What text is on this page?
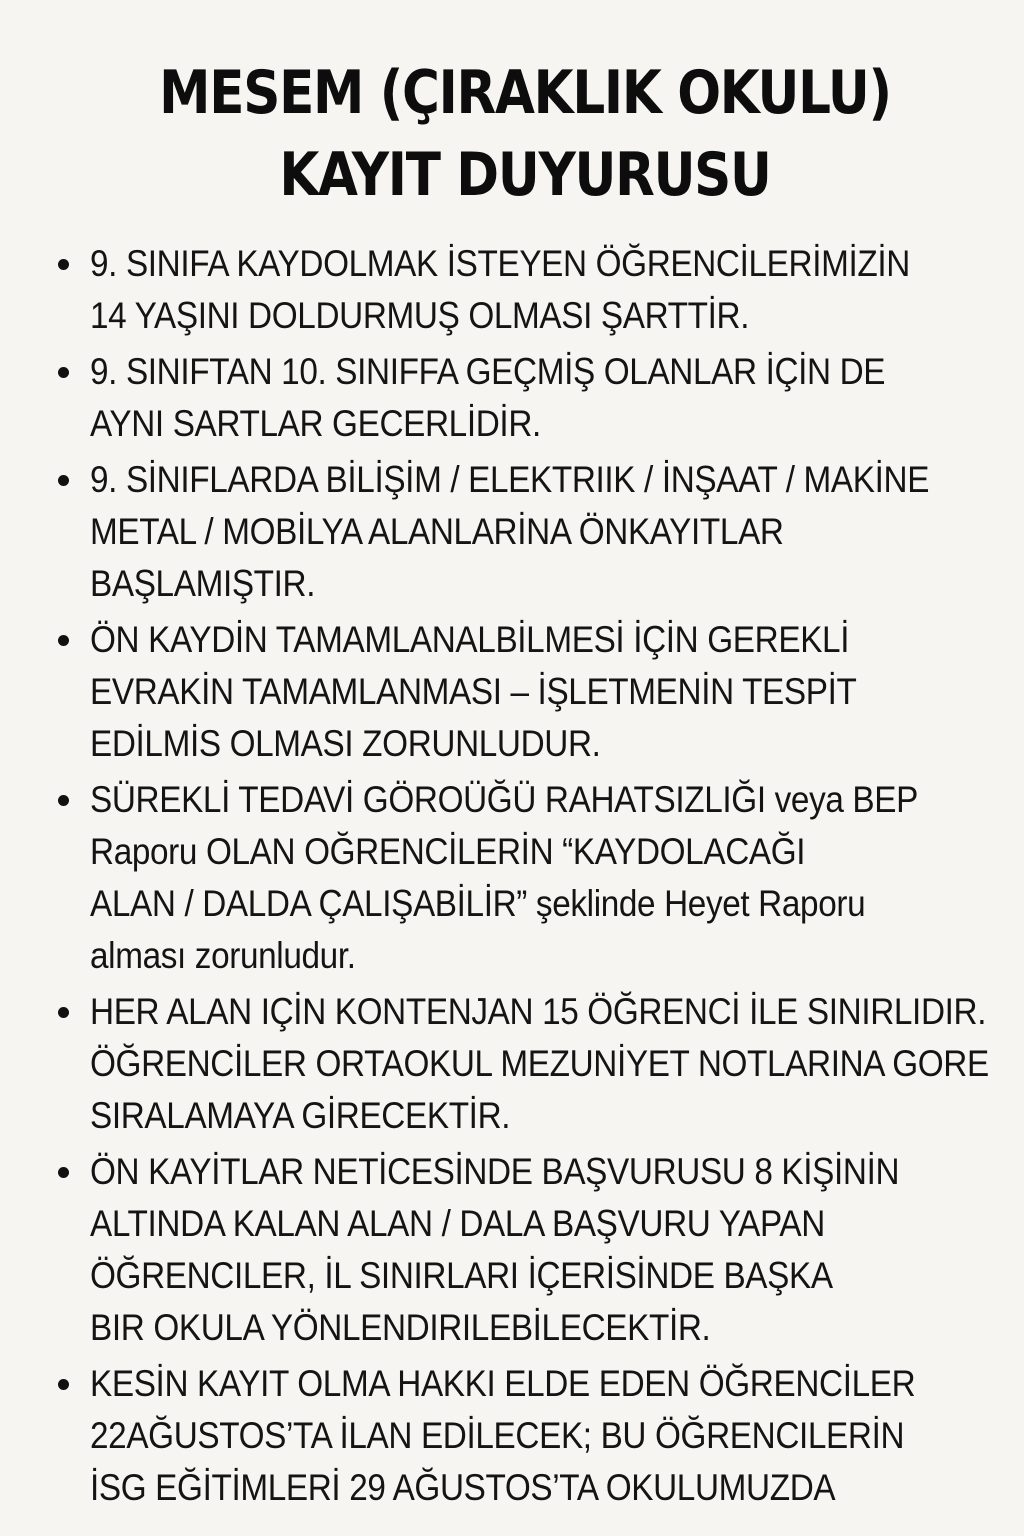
MESEM (ÇIRAKLIK OKULU)
KAYIT DUYURUSU
9. SINIFA KAYDOLMAK İSTEYEN ÖĞRENCİLERİMİZİN
14 YAŞINI DOLDURMUŞ OLMASI ŞARTTİR.
9. SINIFTAN 10. SINIFFA GEÇMİŞ OLANLAR İÇİN DE
AYNI SARTLAR GECERLİDİR.
9. SİNIFLARDA BİLİŞİM / ELEKTRIIK / İNŞAAT / MAKİNE
METAL / MOBİLYA ALANLARİNA ÖNKAYITLAR
BAŞLAMIŞTIR.
ÖN KAYDİN TAMAMLANALBİLMESİ İÇİN GEREKLİ
EVRAKİN TAMAMLANMASI – İŞLETMENİN TESPİT
EDİLMİS OLMASI ZORUNLUDUR.
SÜREKLİ TEDAVİ GÖROÜĞÜ RAHATSIZLIĞI veya BEP
Raporu OLAN OĞRENCİLERİN “KAYDOLACAĞI
ALAN / DALDA ÇALIŞABİLİR” şeklinde Heyet Raporu
alması zorunludur.
HER ALAN IÇİN KONTENJAN 15 ÖĞRENCİ İLE SINIRLIDIR.
ÖĞRENCİLER ORTAOKUL MEZUNİYET NOTLARINA GORE
SIRALAMAYA GİRECEKTİR.
ÖN KAYİTLAR NETİCESİNDE BAŞVURUSU 8 KİŞİNİN
ALTINDA KALAN ALAN / DALA BAŞVURU YAPAN
ÖĞRENCILER, İL SINIRLARI İÇERİSİNDE BAŞKA
BIR OKULA YÖNLENDIRILEBİLECEKTİR.
KESİN KAYIT OLMA HAKKI ELDE EDEN ÖĞRENCİLER
22AĞUSTOS’TA İLAN EDİLECEK; BU ÖĞRENCILERİN
İSG EĞİTİMLERİ 29 AĞUSTOS’TA OKULUMUZDA
